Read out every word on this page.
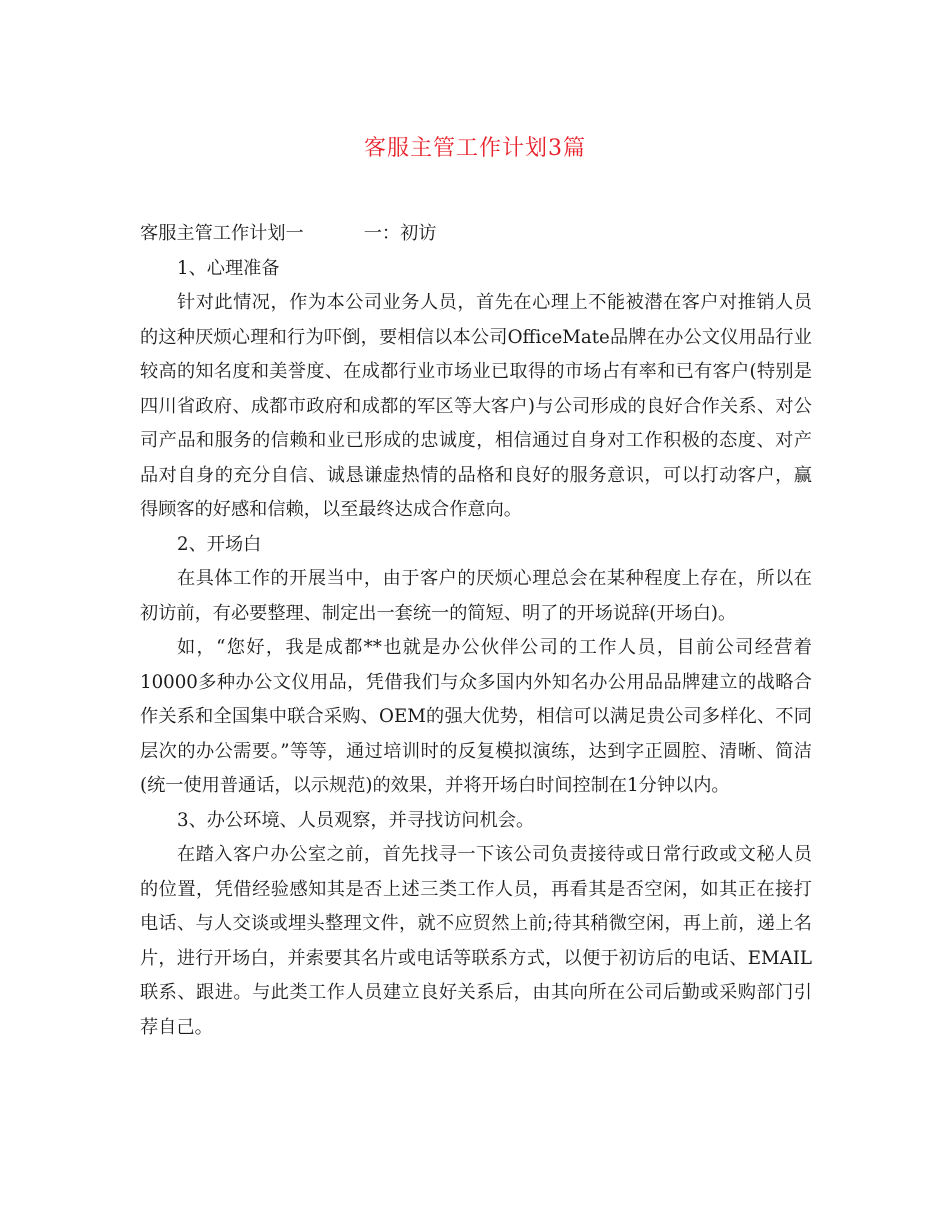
客服主管工作计划3篇

客服主管工作计划一	一：初访

1、心理准备

针对此情况，作为本公司业务人员，首先在心理上不能被潜在客户对推销人员的这种厌烦心理和行为吓倒，要相信以本公司OfficeMate品牌在办公文仪用品行业较高的知名度和美誉度、在成都行业市场业已取得的市场占有率和已有客户(特别是四川省政府、成都市政府和成都的军区等大客户)与公司形成的良好合作关系、对公司产品和服务的信赖和业已形成的忠诚度，相信通过自身对工作积极的态度、对产品对自身的充分自信、诚恳谦虚热情的品格和良好的服务意识，可以打动客户，赢得顾客的好感和信赖，以至最终达成合作意向。

2、开场白

在具体工作的开展当中，由于客户的厌烦心理总会在某种程度上存在，所以在初访前，有必要整理、制定出一套统一的简短、明了的开场说辞(开场白)。

如，“您好，我是成都**也就是办公伙伴公司的工作人员，目前公司经营着10000多种办公文仪用品，凭借我们与众多国内外知名办公用品品牌建立的战略合作关系和全国集中联合采购、OEM的强大优势，相信可以满足贵公司多样化、不同层次的办公需要。”等等，通过培训时的反复模拟演练，达到字正圆腔、清晰、简洁(统一使用普通话，以示规范)的效果，并将开场白时间控制在1分钟以内。

3、办公环境、人员观察，并寻找访问机会。

在踏入客户办公室之前，首先找寻一下该公司负责接待或日常行政或文秘人员的位置，凭借经验感知其是否上述三类工作人员，再看其是否空闲，如其正在接打电话、与人交谈或埋头整理文件，就不应贸然上前;待其稍微空闲，再上前，递上名片，进行开场白，并索要其名片或电话等联系方式，以便于初访后的电话、EMAIL联系、跟进。与此类工作人员建立良好关系后，由其向所在公司后勤或采购部门引荐自己。
